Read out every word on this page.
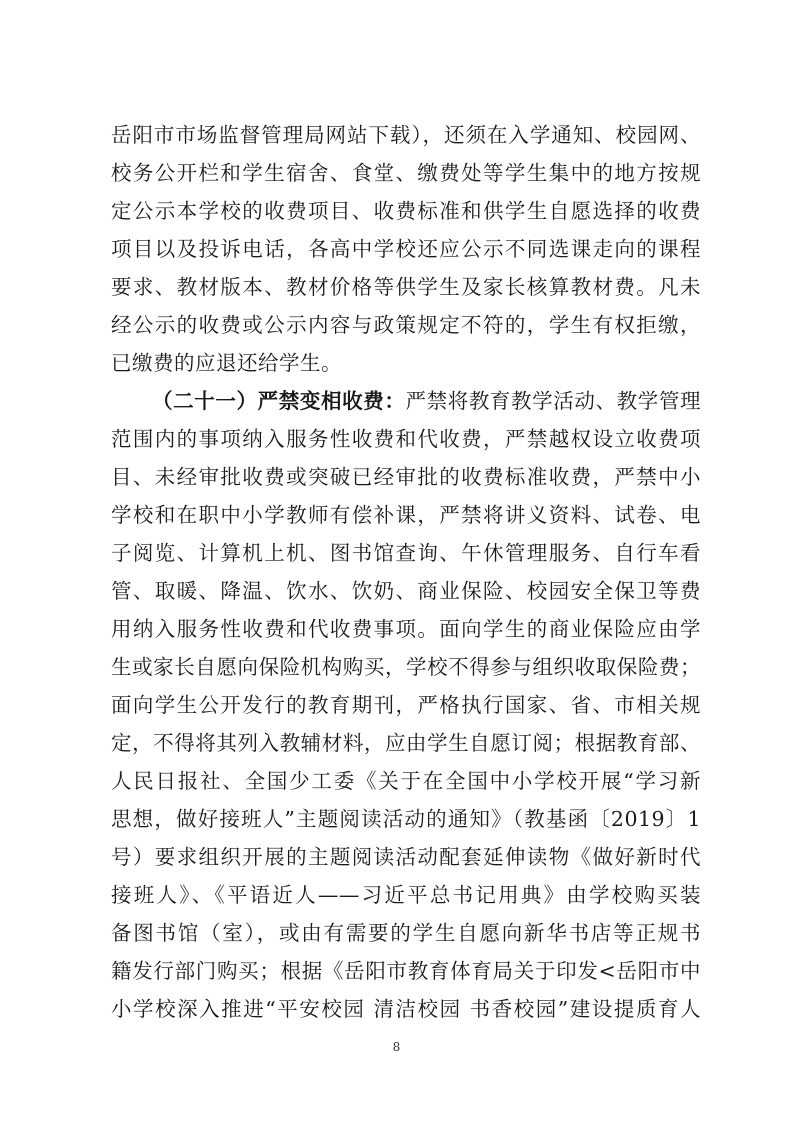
岳阳市市场监督管理局网站下载），还须在入学通知、校园网、
校务公开栏和学生宿舍、食堂、缴费处等学生集中的地方按规
定公示本学校的收费项目、收费标准和供学生自愿选择的收费
项目以及投诉电话，各高中学校还应公示不同选课走向的课程
要求、教材版本、教材价格等供学生及家长核算教材费。凡未
经公示的收费或公示内容与政策规定不符的，学生有权拒缴，
已缴费的应退还给学生。
（二十一）严禁变相收费：严禁将教育教学活动、教学管理
范围内的事项纳入服务性收费和代收费，严禁越权设立收费项
目、未经审批收费或突破已经审批的收费标准收费，严禁中小
学校和在职中小学教师有偿补课，严禁将讲义资料、试卷、电
子阅览、计算机上机、图书馆查询、午休管理服务、自行车看
管、取暖、降温、饮水、饮奶、商业保险、校园安全保卫等费
用纳入服务性收费和代收费事项。面向学生的商业保险应由学
生或家长自愿向保险机构购买，学校不得参与组织收取保险费；
面向学生公开发行的教育期刊，严格执行国家、省、市相关规
定，不得将其列入教辅材料，应由学生自愿订阅；根据教育部、
人民日报社、全国少工委《关于在全国中小学校开展“学习新
思想，做好接班人”主题阅读活动的通知》（教基函〔2019〕1
号）要求组织开展的主题阅读活动配套延伸读物《做好新时代
接班人》、《平语近人——习近平总书记用典》由学校购买装
备图书馆（室），或由有需要的学生自愿向新华书店等正规书
籍发行部门购买；根据《岳阳市教育体育局关于印发<岳阳市中
小学校深入推进“平安校园 清洁校园 书香校园”建设提质育人
8
